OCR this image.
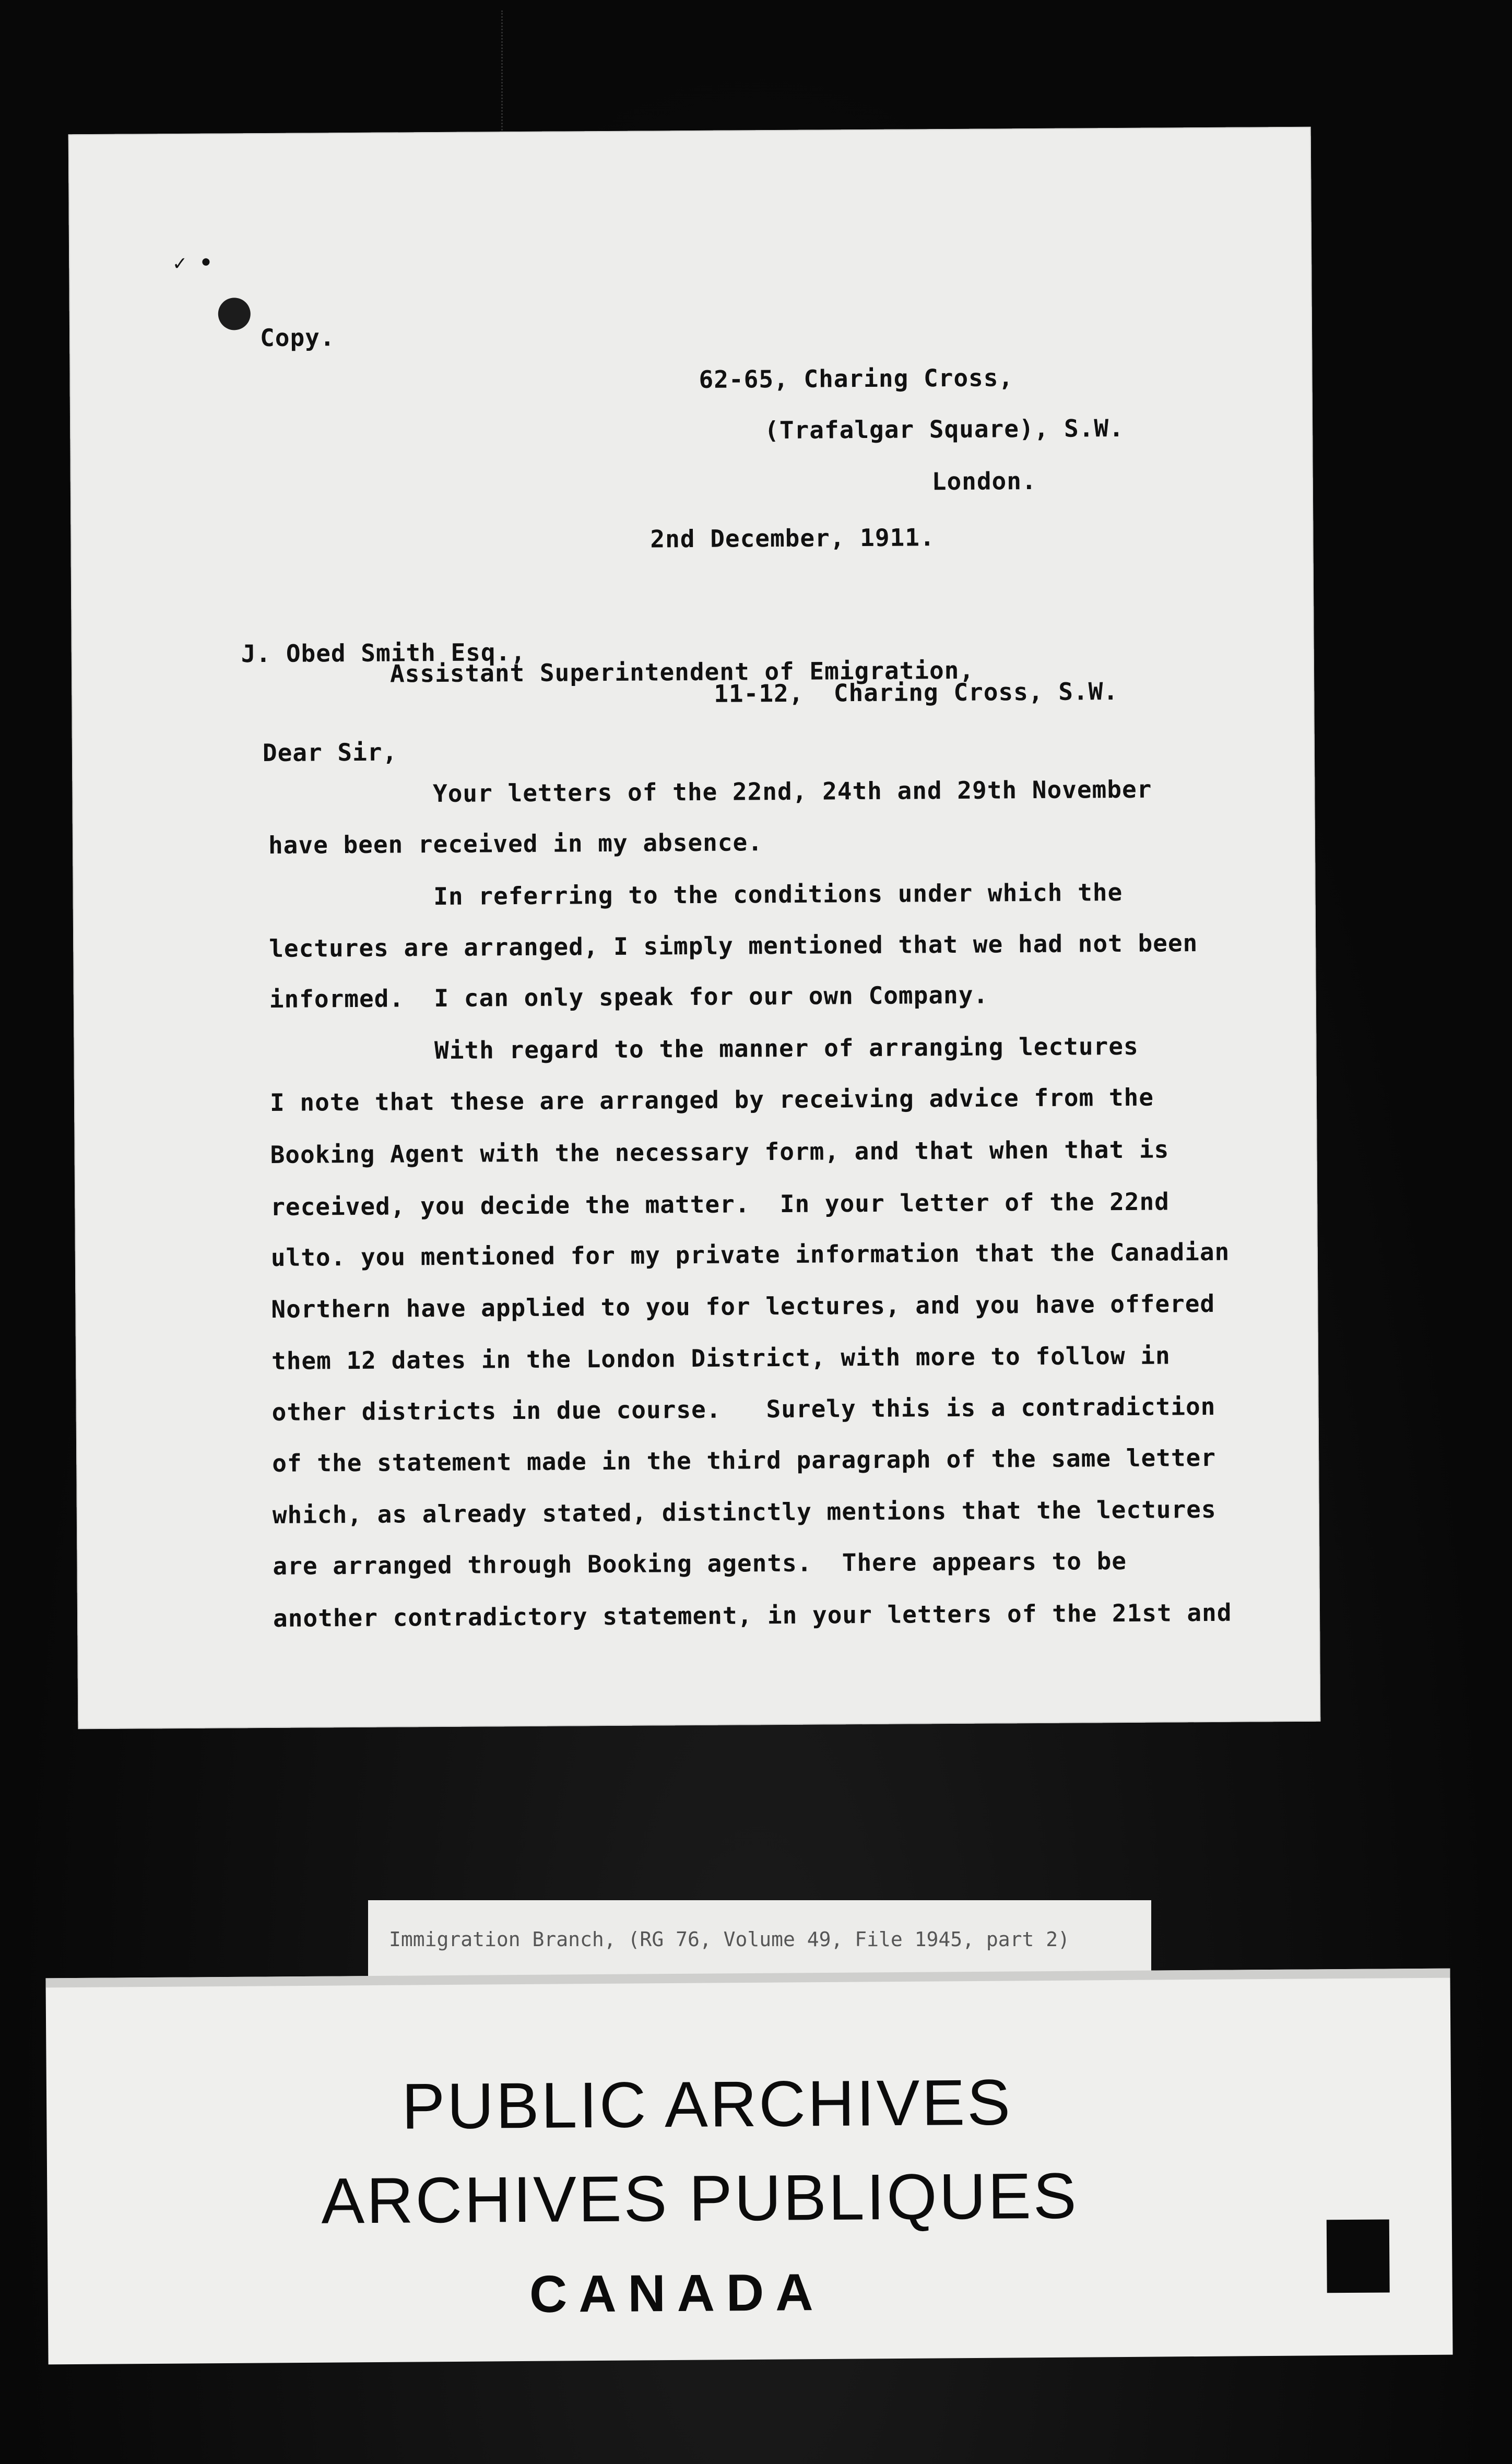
✓ •
Copy.
62-65, Charing Cross,
(Trafalgar Square), S.W.
London.
2nd December, 1911.
J. Obed Smith Esq.,
Assistant Superintendent of Emigration,
11-12,  Charing Cross, S.W.
Dear Sir,
Your letters of the 22nd, 24th and 29th November
have been received in my absence.
In referring to the conditions under which the
lectures are arranged, I simply mentioned that we had not been
informed.  I can only speak for our own Company.
With regard to the manner of arranging lectures
I note that these are arranged by receiving advice from the
Booking Agent with the necessary form, and that when that is
received, you decide the matter.  In your letter of the 22nd
ulto. you mentioned for my private information that the Canadian
Northern have applied to you for lectures, and you have offered
them 12 dates in the London District, with more to follow in
other districts in due course.   Surely this is a contradiction
of the statement made in the third paragraph of the same letter
which, as already stated, distinctly mentions that the lectures
are arranged through Booking agents.  There appears to be
another contradictory statement, in your letters of the 21st and
Immigration Branch, (RG 76, Volume 49, File 1945, part 2)
PUBLIC ARCHIVES
ARCHIVES PUBLIQUES
CANADA
